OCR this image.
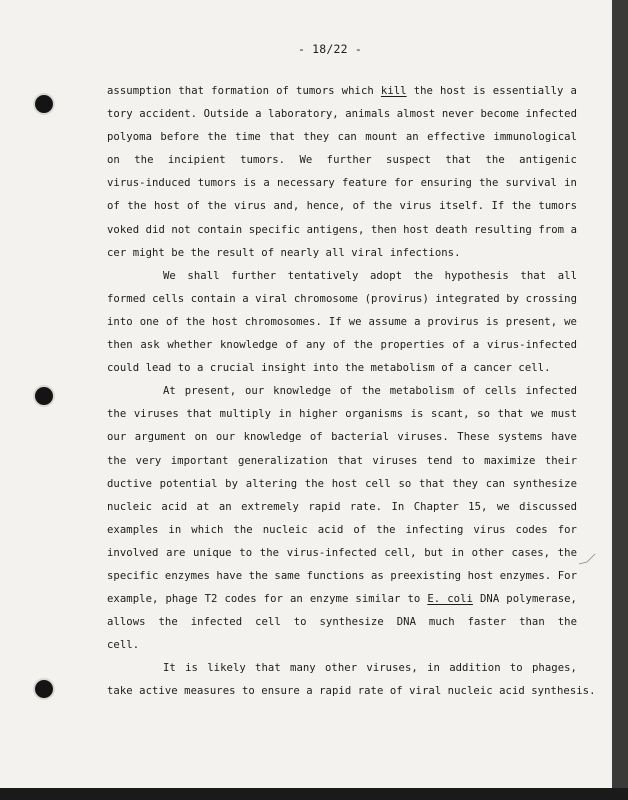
- 18/22 -
assumption that formation of tumors which kill the host is essentially a
tory accident. Outside a laboratory, animals almost never become infected
polyoma before the time that they can mount an effective immunological
on the incipient tumors. We further suspect that the antigenic
virus-induced tumors is a necessary feature for ensuring the survival in
of the host of the virus and, hence, of the virus itself. If the tumors
voked did not contain specific antigens, then host death resulting from a
cer might be the result of nearly all viral infections.
We shall further tentatively adopt the hypothesis that all
formed cells contain a viral chromosome (provirus) integrated by crossing
into one of the host chromosomes. If we assume a provirus is present, we
then ask whether knowledge of any of the properties of a virus-infected
could lead to a crucial insight into the metabolism of a cancer cell.
At present, our knowledge of the metabolism of cells infected
the viruses that multiply in higher organisms is scant, so that we must
our argument on our knowledge of bacterial viruses. These systems have
the very important generalization that viruses tend to maximize their
ductive potential by altering the host cell so that they can synthesize
nucleic acid at an extremely rapid rate. In Chapter 15, we discussed
examples in which the nucleic acid of the infecting virus codes for
involved are unique to the virus-infected cell, but in other cases, the
specific enzymes have the same functions as preexisting host enzymes. For
example, phage T2 codes for an enzyme similar to E. coli DNA polymerase,
allows the infected cell to synthesize DNA much faster than the
cell.
It is likely that many other viruses, in addition to phages,
take active measures to ensure a rapid rate of viral nucleic acid synthesis.
